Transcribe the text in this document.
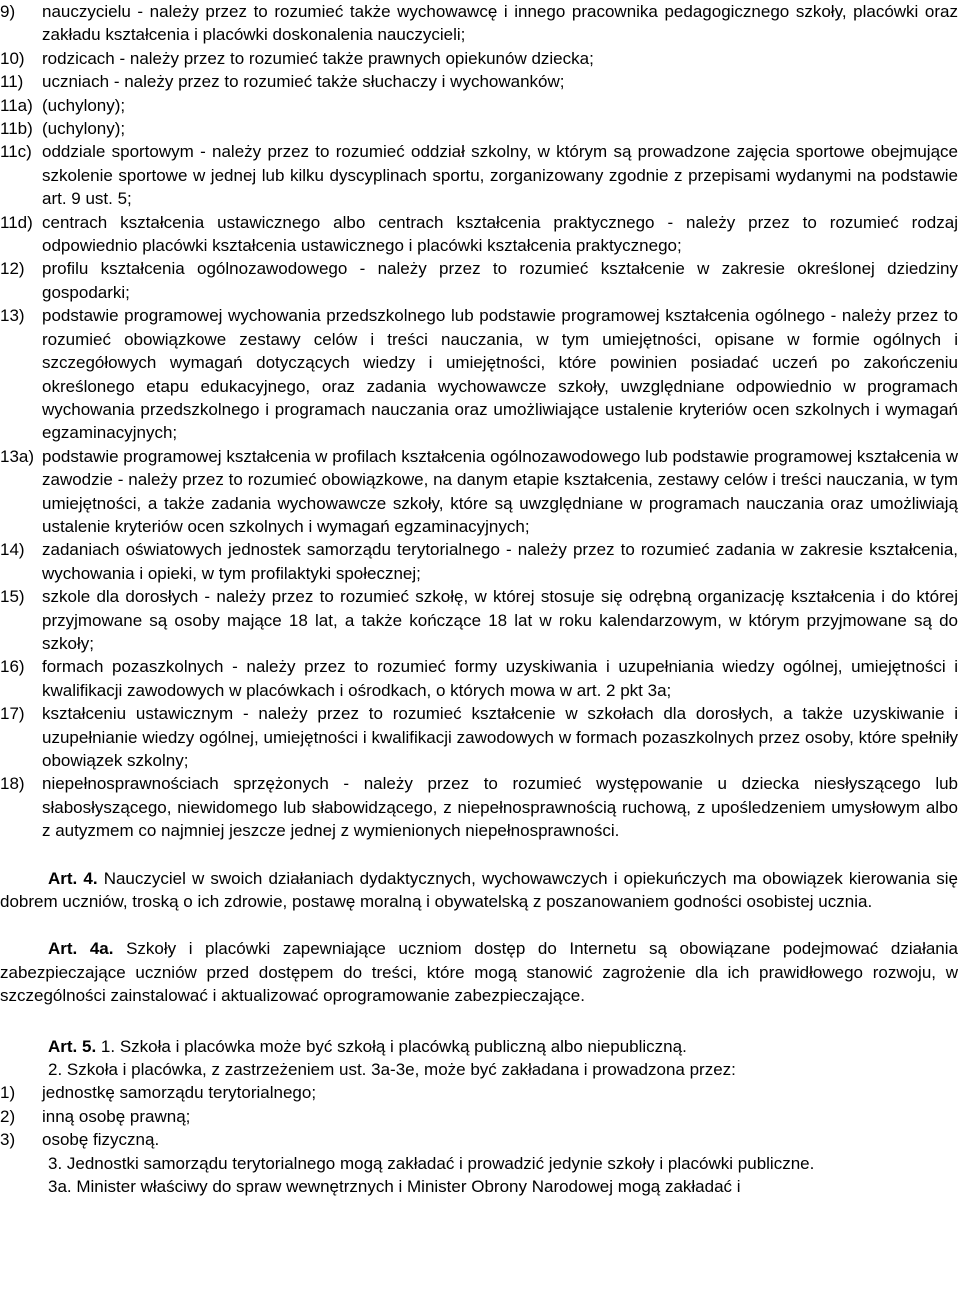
9)	nauczycielu - należy przez to rozumieć także wychowawcę i innego pracownika pedagogicznego szkoły, placówki oraz zakładu kształcenia i placówki doskonalenia nauczycieli;
10)	rodzicach - należy przez to rozumieć także prawnych opiekunów dziecka;
11)	uczniach - należy przez to rozumieć także słuchaczy i wychowanków;
11a) (uchylony);
11b) (uchylony);
11c) oddziale sportowym - należy przez to rozumieć oddział szkolny, w którym są prowadzone zajęcia sportowe obejmujące szkolenie sportowe w jednej lub kilku dyscyplinach sportu, zorganizowany zgodnie z przepisami wydanymi na podstawie art. 9 ust. 5;
11d) centrach kształcenia ustawicznego albo centrach kształcenia praktycznego - należy przez to rozumieć rodzaj odpowiednio placówki kształcenia ustawicznego i placówki kształcenia praktycznego;
12)	profilu kształcenia ogólnozawodowego - należy przez to rozumieć kształcenie w zakresie określonej dziedziny gospodarki;
13)	podstawie programowej wychowania przedszkolnego lub podstawie programowej kształcenia ogólnego - należy przez to rozumieć obowiązkowe zestawy celów i treści nauczania, w tym umiejętności, opisane w formie ogólnych i szczegółowych wymagań dotyczących wiedzy i umiejętności, które powinien posiadać uczeń po zakończeniu określonego etapu edukacyjnego, oraz zadania wychowawcze szkoły, uwzględniane odpowiednio w programach wychowania przedszkolnego i programach nauczania oraz umożliwiające ustalenie kryteriów ocen szkolnych i wymagań egzaminacyjnych;
13a) podstawie programowej kształcenia w profilach kształcenia ogólnozawodowego lub podstawie programowej kształcenia w zawodzie - należy przez to rozumieć obowiązkowe, na danym etapie kształcenia, zestawy celów i treści nauczania, w tym umiejętności, a także zadania wychowawcze szkoły, które są uwzględniane w programach nauczania oraz umożliwiają ustalenie kryteriów ocen szkolnych i wymagań egzaminacyjnych;
14)	zadaniach oświatowych jednostek samorządu terytorialnego - należy przez to rozumieć zadania w zakresie kształcenia, wychowania i opieki, w tym profilaktyki społecznej;
15)	szkole dla dorosłych - należy przez to rozumieć szkołę, w której stosuje się odrębną organizację kształcenia i do której przyjmowane są osoby mające 18 lat, a także kończące 18 lat w roku kalendarzowym, w którym przyjmowane są do szkoły;
16)	formach pozaszkolnych - należy przez to rozumieć formy uzyskiwania i uzupełniania wiedzy ogólnej, umiejętności i kwalifikacji zawodowych w placówkach i ośrodkach, o których mowa w art. 2 pkt 3a;
17)	kształceniu ustawicznym - należy przez to rozumieć kształcenie w szkołach dla dorosłych, a także uzyskiwanie i uzupełnianie wiedzy ogólnej, umiejętności i kwalifikacji zawodowych w formach pozaszkolnych przez osoby, które spełniły obowiązek szkolny;
18)	niepełnosprawnościach sprzężonych - należy przez to rozumieć występowanie u dziecka niesłyszącego lub słabosłyszącego, niewidomego lub słabowidzącego, z niepełnosprawnością ruchową, z upośledzeniem umysłowym albo z autyzmem co najmniej jeszcze jednej z wymienionych niepełnosprawności.

Art. 4. Nauczyciel w swoich działaniach dydaktycznych, wychowawczych i opiekuńczych ma obowiązek kierowania się dobrem uczniów, troską o ich zdrowie, postawę moralną i obywatelską z poszanowaniem godności osobistej ucznia.

Art. 4a. Szkoły i placówki zapewniające uczniom dostęp do Internetu są obowiązane podejmować działania zabezpieczające uczniów przed dostępem do treści, które mogą stanowić zagrożenie dla ich prawidłowego rozwoju, w szczególności zainstalować i aktualizować oprogramowanie zabezpieczające.

Art. 5. 1. Szkoła i placówka może być szkołą i placówką publiczną albo niepubliczną.

2. Szkoła i placówka, z zastrzeżeniem ust. 3a-3e, może być zakładana i prowadzona przez:

1)	jednostkę samorządu terytorialnego;
2)	inną osobę prawną;
3)	osobę fizyczną.

3. Jednostki samorządu terytorialnego mogą zakładać i prowadzić jedynie szkoły i placówki publiczne.

3a. Minister właściwy do spraw wewnętrznych i Minister Obrony Narodowej mogą zakładać i
